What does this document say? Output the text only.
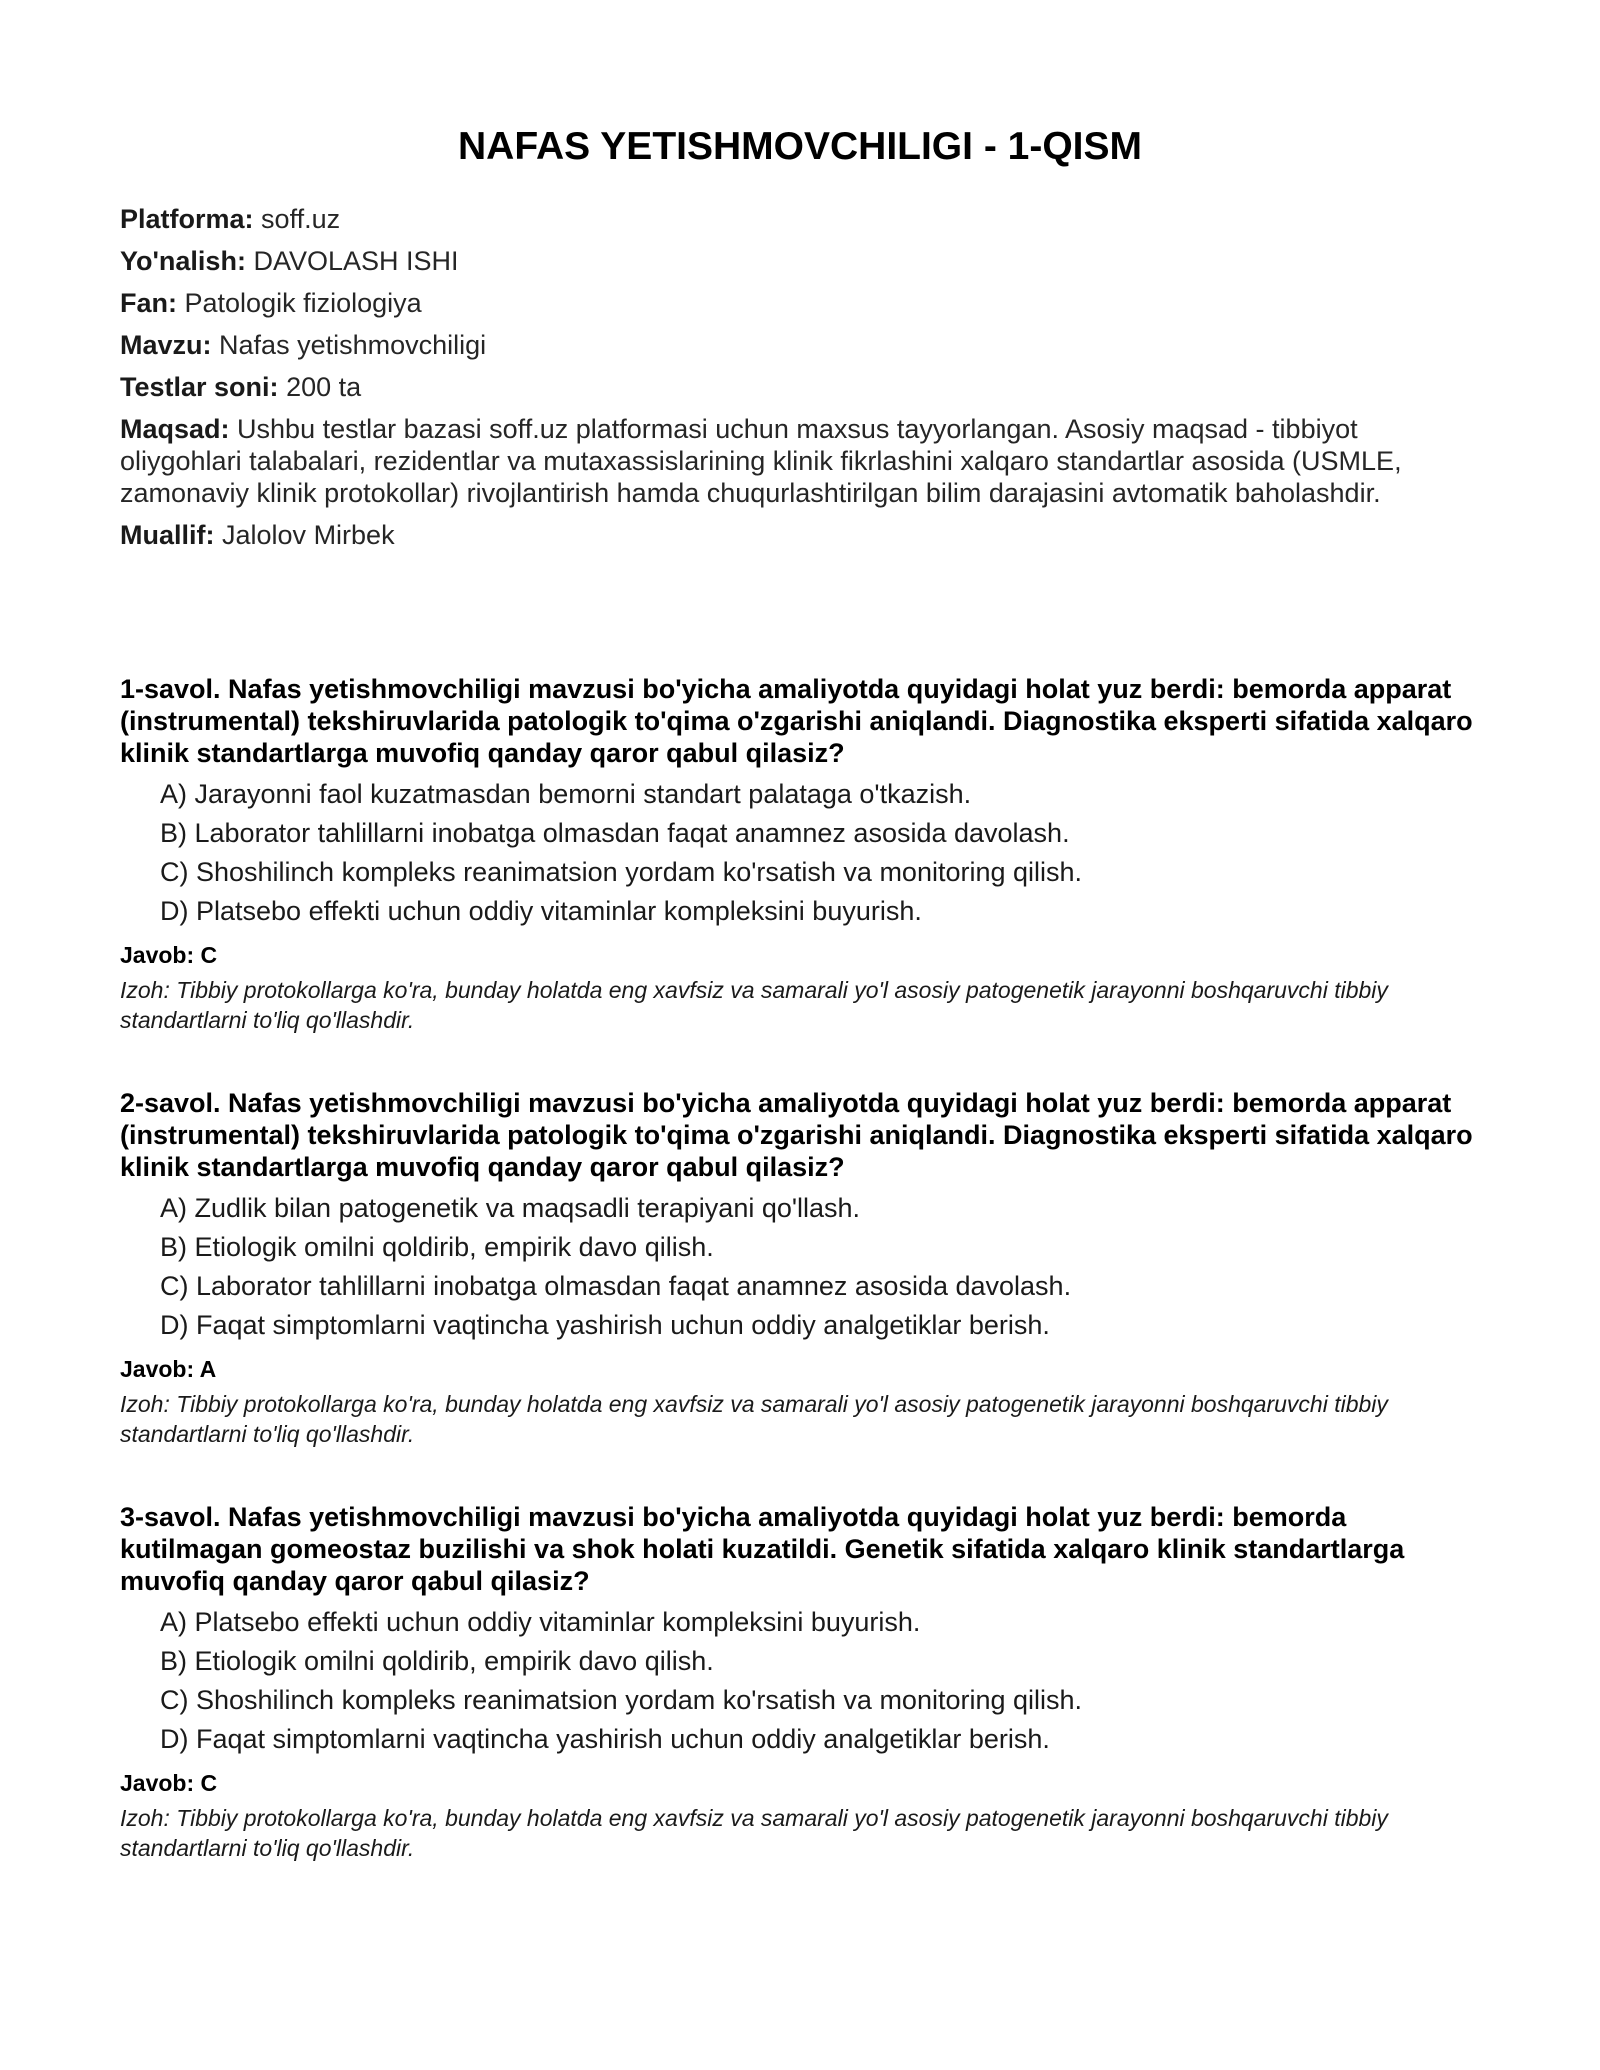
NAFAS YETISHMOVCHILIGI - 1-QISM
Platforma: soff.uz
Yo'nalish: DAVOLASH ISHI
Fan: Patologik fiziologiya
Mavzu: Nafas yetishmovchiligi
Testlar soni: 200 ta
Maqsad: Ushbu testlar bazasi soff.uz platformasi uchun maxsus tayyorlangan. Asosiy maqsad - tibbiyot oliygohlari talabalari, rezidentlar va mutaxassislarining klinik fikrlashini xalqaro standartlar asosida (USMLE, zamonaviy klinik protokollar) rivojlantirish hamda chuqurlashtirilgan bilim darajasini avtomatik baholashdir.
Muallif: Jalolov Mirbek
1-savol. Nafas yetishmovchiligi mavzusi bo'yicha amaliyotda quyidagi holat yuz berdi: bemorda apparat (instrumental) tekshiruvlarida patologik to'qima o'zgarishi aniqlandi. Diagnostika eksperti sifatida xalqaro klinik standartlarga muvofiq qanday qaror qabul qilasiz?
A) Jarayonni faol kuzatmasdan bemorni standart palataga o'tkazish.
B) Laborator tahlillarni inobatga olmasdan faqat anamnez asosida davolash.
C) Shoshilinch kompleks reanimatsion yordam ko'rsatish va monitoring qilish.
D) Platsebo effekti uchun oddiy vitaminlar kompleksini buyurish.
Javob: C
Izoh: Tibbiy protokollarga ko'ra, bunday holatda eng xavfsiz va samarali yo'l asosiy patogenetik jarayonni boshqaruvchi tibbiy standartlarni to'liq qo'llashdir.
2-savol. Nafas yetishmovchiligi mavzusi bo'yicha amaliyotda quyidagi holat yuz berdi: bemorda apparat (instrumental) tekshiruvlarida patologik to'qima o'zgarishi aniqlandi. Diagnostika eksperti sifatida xalqaro klinik standartlarga muvofiq qanday qaror qabul qilasiz?
A) Zudlik bilan patogenetik va maqsadli terapiyani qo'llash.
B) Etiologik omilni qoldirib, empirik davo qilish.
C) Laborator tahlillarni inobatga olmasdan faqat anamnez asosida davolash.
D) Faqat simptomlarni vaqtincha yashirish uchun oddiy analgetiklar berish.
Javob: A
Izoh: Tibbiy protokollarga ko'ra, bunday holatda eng xavfsiz va samarali yo'l asosiy patogenetik jarayonni boshqaruvchi tibbiy standartlarni to'liq qo'llashdir.
3-savol. Nafas yetishmovchiligi mavzusi bo'yicha amaliyotda quyidagi holat yuz berdi: bemorda kutilmagan gomeostaz buzilishi va shok holati kuzatildi. Genetik sifatida xalqaro klinik standartlarga muvofiq qanday qaror qabul qilasiz?
A) Platsebo effekti uchun oddiy vitaminlar kompleksini buyurish.
B) Etiologik omilni qoldirib, empirik davo qilish.
C) Shoshilinch kompleks reanimatsion yordam ko'rsatish va monitoring qilish.
D) Faqat simptomlarni vaqtincha yashirish uchun oddiy analgetiklar berish.
Javob: C
Izoh: Tibbiy protokollarga ko'ra, bunday holatda eng xavfsiz va samarali yo'l asosiy patogenetik jarayonni boshqaruvchi tibbiy standartlarni to'liq qo'llashdir.
